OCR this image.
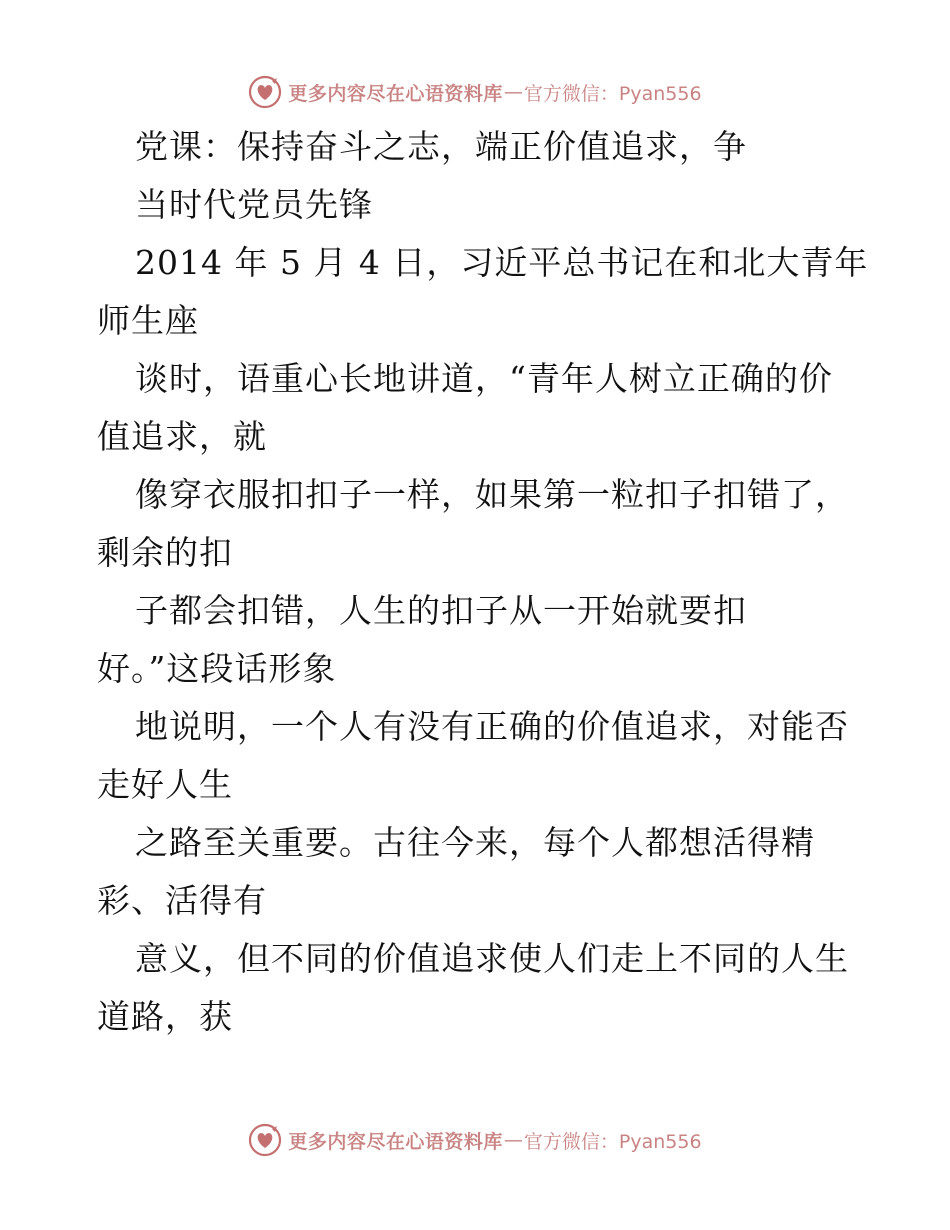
更多内容尽在心语资料库 — 官方微信：Pyan556
党课：保持奋斗之志，端正价值追求，争
当时代党员先锋
2014 年 5 月 4 日，习近平总书记在和北大青年
师生座
谈时，语重心长地讲道，“青年人树立正确的价
值追求，就
像穿衣服扣扣子一样，如果第一粒扣子扣错了，
剩余的扣
子都会扣错，人生的扣子从一开始就要扣
好。”这段话形象
地说明，一个人有没有正确的价值追求，对能否
走好人生
之路至关重要。古往今来，每个人都想活得精
彩、活得有
意义，但不同的价值追求使人们走上不同的人生
道路，获
更多内容尽在心语资料库 — 官方微信：Pyan556
